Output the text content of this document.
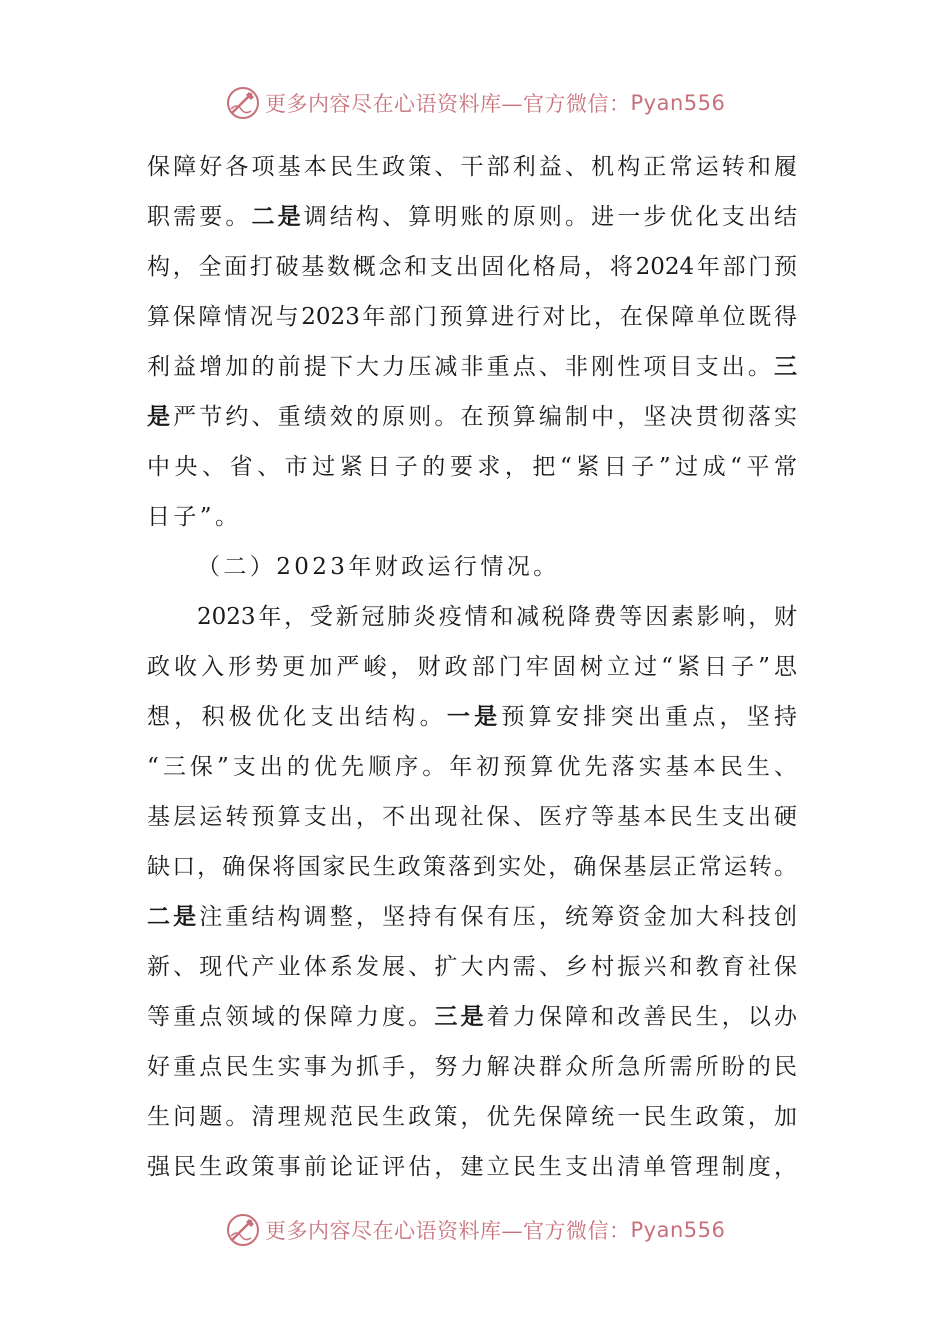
更多内容尽在心语资料库—官方微信： Pyan556
保障好各项基本民生政策、干部利益、机构正常运转和履
职需要。二是调结构、算明账的原则。进一步优化支出结
构，全面打破基数概念和支出固化格局，将2024年部门预
算保障情况与2023年部门预算进行对比，在保障单位既得
利益增加的前提下大力压减非重点、非刚性项目支出。三
是严节约、重绩效的原则。在预算编制中，坚决贯彻落实
中央、省、市过紧日子的要求，把“紧日子”过成“平常
日子”。
（二）2023年财政运行情况。
2023年，受新冠肺炎疫情和减税降费等因素影响，财
政收入形势更加严峻，财政部门牢固树立过“紧日子”思
想，积极优化支出结构。一是预算安排突出重点，坚持
“三保”支出的优先顺序。年初预算优先落实基本民生、
基层运转预算支出，不出现社保、医疗等基本民生支出硬
缺口，确保将国家民生政策落到实处，确保基层正常运转。
二是注重结构调整，坚持有保有压，统筹资金加大科技创
新、现代产业体系发展、扩大内需、乡村振兴和教育社保
等重点领域的保障力度。三是着力保障和改善民生，以办
好重点民生实事为抓手，努力解决群众所急所需所盼的民
生问题。清理规范民生政策，优先保障统一民生政策，加
强民生政策事前论证评估，建立民生支出清单管理制度，
更多内容尽在心语资料库—官方微信： Pyan556
